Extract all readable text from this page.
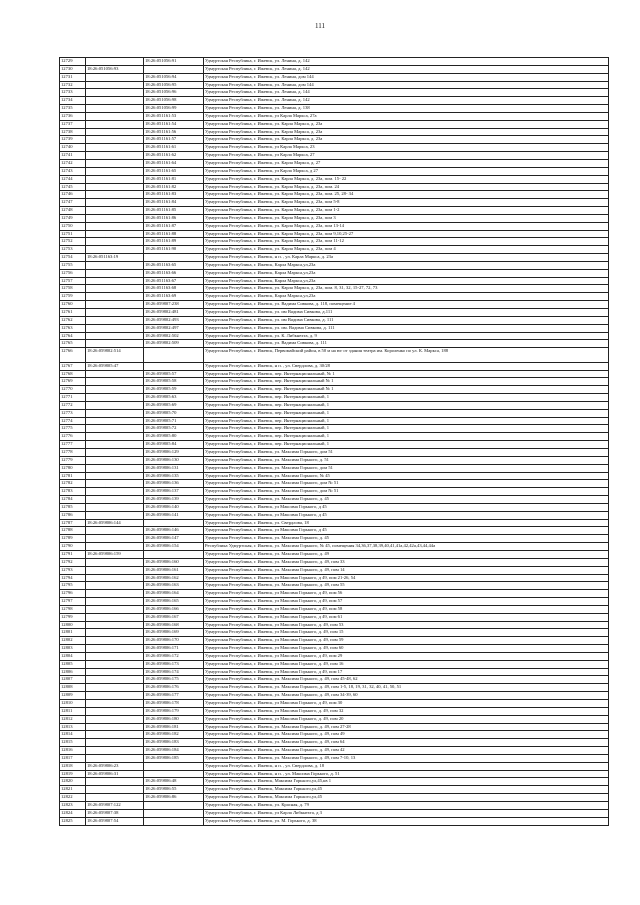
111
12729		18:26:051056:91	Удмуртская Республика, г. Ижевск, ул. Ленина, д. 142
12730	18:26:051056:93		Удмуртская Республика, г. Ижевск, ул. Ленина, д. 142
12731		18:26:051056:94	Удмуртская Республика, г. Ижевск, ул. Ленина, дом 144
12732		18:26:051056:95	Удмуртская Республика, г. Ижевск, ул. Ленина, дом 144
12733		18:26:051056:96	Удмуртская Республика, г. Ижевск, ул. Ленина, д. 144
12734		18:26:051056:98	Удмуртская Республика, г. Ижевск, ул. Ленина, д. 142
12735		18:26:051056:99	Удмуртская Республика, г. Ижевск, ул. Ленина, д. 138
12736		18:26:051161:53	Удмуртская Республика, г. Ижевск, ул Карла Маркса, 27а
12737		18:26:051161:54	Удмуртская Республика, г. Ижевск, ул. Карла Маркса, д. 23а
12738		18:26:051161:56	Удмуртская Республика, г. Ижевск, ул. Карла Маркса, д. 23а
12739		18:26:051161:57	Удмуртская Республика, г. Ижевск, ул. Карла Маркса, д. 23а
12740		18:26:051161:61	Удмуртская Республика, г. Ижевск, ул Карла Маркса, 23
12741		18:26:051161:62	Удмуртская Республика, г. Ижевск, ул Карла Маркса, 27
12742		18:26:051161:64	Удмуртская Республика, г. Ижевск, ул. Карла Маркса, д. 27
12743		18:26:051161:65	Удмуртская Республика, г. Ижевск, ул Карла Маркса, д 27
12744		18:26:051161:81	Удмуртская Республика, г. Ижевск, ул. Карла Маркса, д. 23а, пом. 15- 22
12745		18:26:051161:82	Удмуртская Республика, г. Ижевск, ул. Карла Маркса, д. 23а, пом. 24
12746		18:26:051161:83	Удмуртская Республика, г. Ижевск, ул. Карла Маркса, д. 23а, пом. 25, 28- 34
12747		18:26:051161:84	Удмуртская Республика, г. Ижевск, ул. Карла Маркса, д. 23а, пом 5-8
12748		18:26:051161:85	Удмуртская Республика, г. Ижевск, ул. Карла Маркса, д. 23а, пом 1-2
12749		18:26:051161:86	Удмуртская Республика, г. Ижевск, ул. Карла Маркса, д. 23а, пом 3
12750		18:26:051161:87	Удмуртская Республика, г. Ижевск, ул. Карла Маркса, д. 23а, пом 13-14
12751		18:26:051161:88	Удмуртская Республика, г. Ижевск, ул. Карла Маркса, д. 23а, пом 9,10,25-27
12752		18:26:051161:89	Удмуртская Республика, г. Ижевск, ул. Карла Маркса, д. 23а, пом 11-12
12753		18:26:051161:90	Удмуртская Республика, г. Ижевск, ул. Карла Маркса, д. 23а, пом 4
12754	18:26:051163:19		Удмуртская Республика, г. Ижевск, н п. , ул. Карла Маркса, д. 23а
12755		18:26:051163:65	Удмуртская Республика, г. Ижевск, Карла Маркса,ул,23а
12756		18:26:051163:66	Удмуртская Республика, г. Ижевск, Карла Маркса,ул,23а
12757		18:26:051163:67	Удмуртская Республика, г. Ижевск, Карла Маркса,ул,23а
12758		18:26:051163:68	Удмуртская Республика, г. Ижевск, ул. Карла Маркса, д. 23а, пом. 8, 31, 32, 15-27, 72, 73
12759		18:26:051163:69	Удмуртская Республика, г. Ижевск, Карла Маркса,ул,23а
12760		18:26:059807:238	Удмуртская Республика, г. Ижевск, ул. Вадима Сивкова, д. 118, помещение 4
12761		18:26:059802:481	Удмуртская Республика, г. Ижевск, ул. им Вадима Сивкова, д.111
12762		18:26:059802:493	Удмуртская Республика, г. Ижевск, ул. им Вадима Сивкова, д. 111
12763		18:26:059802:497	Удмуртская Республика, г. Ижевск, ул. им. Вадима Сивкова, д. 111
12764		18:26:059802:502	Удмуртская Республика, г. Ижевск, ул. К. Либкнехта, д. 9
12765		18:26:059802:509	Удмуртская Республика, г. Ижевск, ул. Вадима Сивкова, д. 111
12766	18:26:059802:514		Удмуртская Республика, г. Ижевск, Первомайский район, в 50 м на юг от здания театра им. Короленко по ул. К. Маркса, 188
12767	18:26:059805:47		Удмуртская Республика, г. Ижевск, н п. , ул. Свердлова, д. 30/28
12768		18:26:059805:57	Удмуртская Республика, г. Ижевск, пер. Интернациональный, № 1
12769		18:26:059805:58	Удмуртская Республика, г. Ижевск, пер. Интернациональный № 1
12770		18:26:059805:59	Удмуртская Республика, г. Ижевск, пер. Интернациональный № 1
12771		18:26:059805:63	Удмуртская Республика, г. Ижевск, пер. Интернациональный, 1
12772		18:26:059805:69	Удмуртская Республика, г. Ижевск, пер. Интернациональный, 1
12773		18:26:059805:70	Удмуртская Республика, г. Ижевск, пер. Интернациональный, 1
12774		18:26:059805:71	Удмуртская Республика, г. Ижевск, пер. Интернациональный, 1
12775		18:26:059805:72	Удмуртская Республика, г. Ижевск, пер. Интернациональный, 1
12776		18:26:059805:80	Удмуртская Республика, г. Ижевск, пер. Интернациональный, 1
12777		18:26:059805:84	Удмуртская Республика, г. Ижевск, пер. Интернациональный, 1
12778		18:26:059806:129	Удмуртская Республика, г. Ижевск, ул. Максима Горького, дом 51
12779		18:26:059806:130	Удмуртская Республика, г. Ижевск, ул. Максима Горького, д. 51
12780		18:26:059806:131	Удмуртская Республика, г. Ижевск, ул. Максима Горького, дом 51
12781		18:26:059806:135	Удмуртская Республика, г. Ижевск, ул. Максима Горького, № 45
12782		18:26:059806:136	Удмуртская Республика, г. Ижевск, ул. Максима Горького, дом № 51
12783		18:26:059806:137	Удмуртская Республика, г. Ижевск, ул. Максима Горького, дом № 51
12784		18:26:059806:139	Удмуртская Республика, г. Ижевск, ул. Максима Горького, д. 45
12785		18:26:059806:140	Удмуртская Республика, г. Ижевск, ул Максима Горького, д 45
12786		18:26:059806:141	Удмуртская Республика, г. Ижевск, ул Максима Горького, д 45
12787	18:26:059806:144		Удмуртская Республика, г. Ижевск, ул. Свердлова, 18
12788		18:26:059806:146	Удмуртская Республика, г. Ижевск, ул Максима Горького, д 45
12789		18:26:059806:147	Удмуртская Республика, г. Ижевск, ул. Максима Горького, д. 45
12790		18:26:059806:154	Республика Удмуртская, г. Ижевск, ул. Максима Горького, № 45, помещения 34,36,37,38,39,40,41,41а,42,42а,43,44,44а
12791	18:26:059806:159		Удмуртская Республика, г. Ижевск, ул. Максима Горького, д. 49
12792		18:26:059806:160	Удмуртская Республика, г. Ижевск, ул. Максима Горького, д. 49, пом 33
12793		18:26:059806:161	Удмуртская Республика, г. Ижевск, ул. Максима Горького, д. 49, пом 14
12794		18:26:059806:162	Удмуртская Республика, г. Ижевск, ул Максима Горького, д 49, пом 21-26, 54
12795		18:26:059806:163	Удмуртская Республика, г. Ижевск, ул. Максима Горького, д. 49, пом 55
12796		18:26:059806:164	Удмуртская Республика, г. Ижевск, ул Максима Горького, д 49, пом 56
12797		18:26:059806:165	Удмуртская Республика, г. Ижевск, ул Максима Горького, д 49, пом 57
12798		18:26:059806:166	Удмуртская Республика, г. Ижевск, ул Максима Горького, д 49, пом 58
12799		18:26:059806:167	Удмуртская Республика, г. Ижевск, ул Максима Горького, д 49, пом 61
12800		18:26:059806:168	Удмуртская Республика, г. Ижевск, ул Максима Горького, д. 49, пом 53
12801		18:26:059806:169	Удмуртская Республика, г. Ижевск, ул Максима Горького, д. 49, пом 15
12802		18:26:059806:170	Удмуртская Республика, г. Ижевск, ул Максима Горького, д. 49, пом 59
12803		18:26:059806:171	Удмуртская Республика, г. Ижевск, ул Максима Горького, д. 49, пом 60
12804		18:26:059806:172	Удмуртская Республика, г. Ижевск, ул Максима Горького, д 49, пом 29
12805		18:26:059806:173	Удмуртская Республика, г. Ижевск, ул Максима Горького, д. 49, пом 16
12806		18:26:059806:174	Удмуртская Республика, г. Ижевск, ул Максима Горького, д 49, пом 17
12807		18:26:059806:175	Удмуртская Республика, г. Ижевск, ул. Максима Горького, д. 49, пом 45-48, 62
12808		18:26:059806:176	Удмуртская Республика, г. Ижевск, ул. Максима Горького, д. 49, пом 1-5, 18, 19, 31, 32, 40, 41, 50, 51
12809		18:26:059806:177	Удмуртская Республика, г. Ижевск, ул. Максима Горького, д. 49, пом 34-39, 60
12810		18:26:059806:178	Удмуртская Республика, г. Ижевск, ул Максима Горького, д 49, пом 30
12811		18:26:059806:179	Удмуртская Республика, г. Ижевск, ул Максима Горького, д. 49, пом 32
12812		18:26:059806:180	Удмуртская Республика, г. Ижевск, ул Максима Горького, д. 49, пом 20
12813		18:26:059806:181	Удмуртская Республика, г. Ижевск, ул. Максима Горького, д. 49, пом 27-28
12814		18:26:059806:182	Удмуртская Республика, г. Ижевск, ул. Максима Горького, д. 49, пом 49
12815		18:26:059806:183	Удмуртская Республика, г. Ижевск, ул. Максима Горького, д. 49, пом 64
12816		18:26:059806:184	Удмуртская Республика, г. Ижевск, ул. Максима Горького, д. 49, пом 42
12817		18:26:059806:185	Удмуртская Республика, г. Ижевск, ул. Максима Горького, д. 49, пом 7-10, 13
12818	18:26:059806:23		Удмуртская Республика, г. Ижевск, н п. , ул. Свердлова, д. 18
12819	18:26:059806:31		Удмуртская Республика, г. Ижевск, н п. , ул. Максима Горького, д. 51
12820		18:26:059806:48	Удмуртская Республика, г. Ижевск, Максима Горького,ул,45,кв 1
12821		18:26:059806:55	Удмуртская Республика, г. Ижевск, Максима Горького,ул,45
12822		18:26:059806:86	Удмуртская Республика, г. Ижевск, Максима Горького,ул,45
12823	18:26:059807:122		Удмуртская Республика, г. Ижевск, ул. Красная, д. 79
12824	18:26:059807:38		Удмуртская Республика, г. Ижевск, ул Карла Либкнехта, д 3
12825	18:26:059807:54		Удмуртская Республика, г. Ижевск, ул. М. Горького, д. 38
